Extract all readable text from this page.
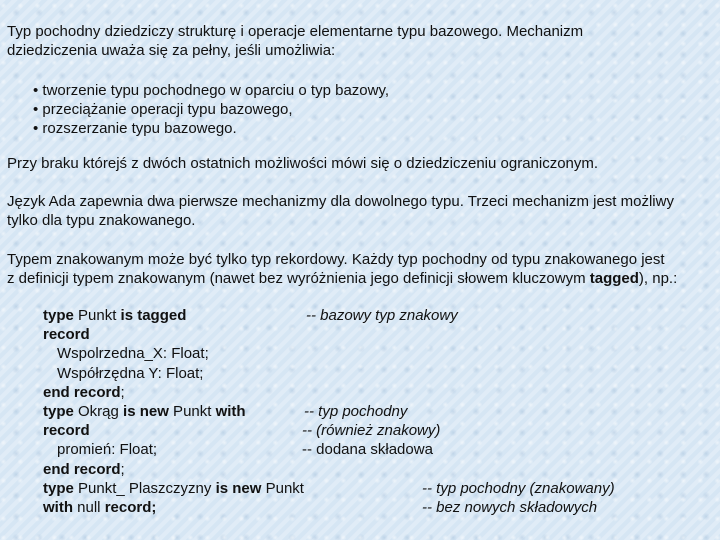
Typ pochodny dziedziczy strukturę i operacje elementarne typu bazowego. Mechanizm
dziedziczenia uważa się za pełny, jeśli umożliwia:
• tworzenie typu pochodnego w oparciu o typ bazowy,
• przeciążanie operacji typu bazowego,
• rozszerzanie typu bazowego.
Przy braku którejś z dwóch ostatnich możliwości mówi się o dziedziczeniu ograniczonym.
Język Ada zapewnia dwa pierwsze mechanizmy dla dowolnego typu. Trzeci mechanizm jest możliwy
tylko dla typu znakowanego.
Typem znakowanym może być tylko typ rekordowy. Każdy typ pochodny od typu znakowanego jest
z definicji typem znakowanym (nawet bez wyróżnienia jego definicji słowem kluczowym tagged), np.:
type Punkt is tagged	-- bazowy typ znakowy
record
Wspolrzedna_X: Float;
Współrzędna Y: Float;
end record;
type Okrąg is new Punkt with	-- typ pochodny
record	-- (również znakowy)
promień: Float;	-- dodana składowa
end record;
type Punkt_ Plaszczyzny is new Punkt	-- typ pochodny (znakowany)
with null record;	-- bez nowych składowych
